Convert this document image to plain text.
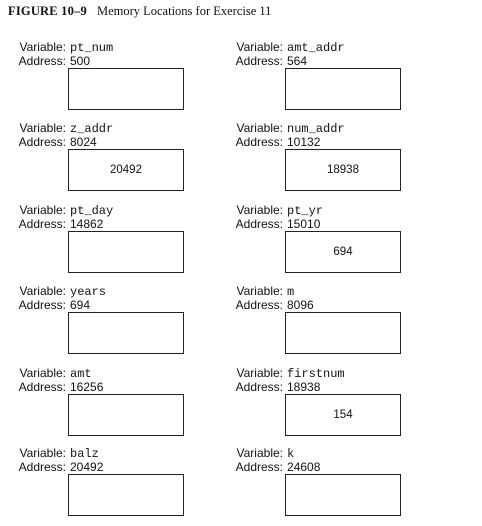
FIGURE 10–9 Memory Locations for Exercise 11
Variable: pt_num
Address: 500
Variable: amt_addr
Address: 564
Variable: z_addr
Address: 8024
20492
Variable: num_addr
Address: 10132
18938
Variable: pt_day
Address: 14862
Variable: pt_yr
Address: 15010
694
Variable: years
Address: 694
Variable: m
Address: 8096
Variable: amt
Address: 16256
Variable: firstnum
Address: 18938
154
Variable: balz
Address: 20492
Variable: k
Address: 24608
